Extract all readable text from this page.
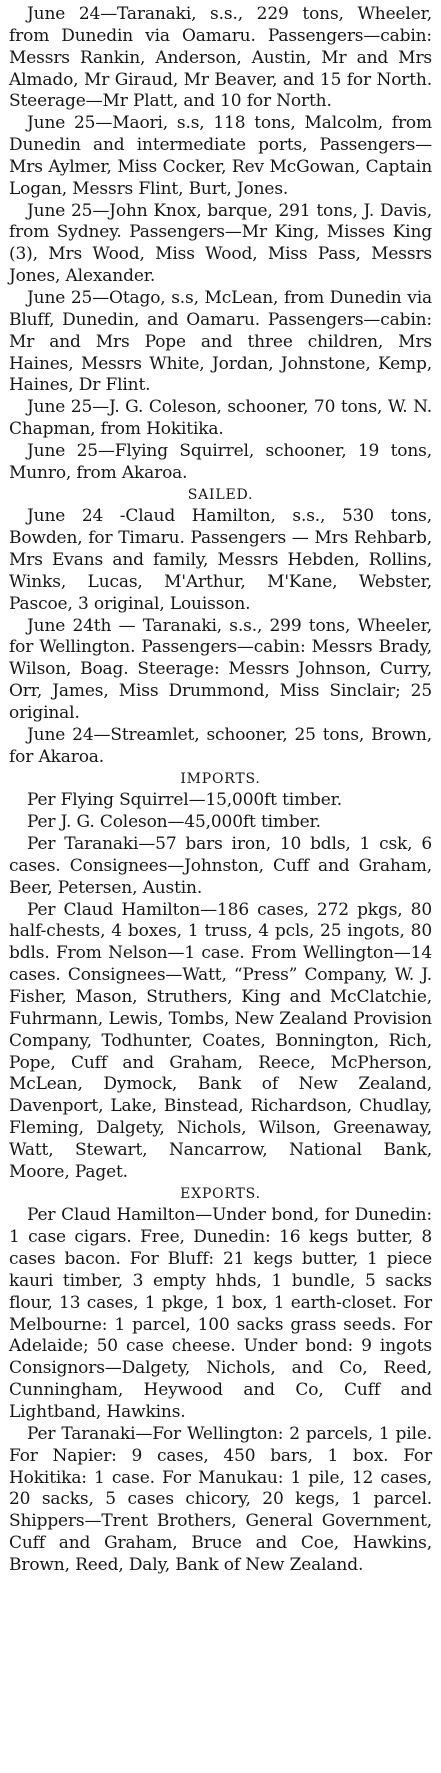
June 24—Taranaki, s.s., 229 tons, Wheeler, from Dunedin via Oamaru. Passengers—cabin: Messrs Rankin, Anderson, Austin, Mr and Mrs Almado, Mr Giraud, Mr Beaver, and 15 for North. Steerage—Mr Platt, and 10 for North.

June 25—Maori, s.s, 118 tons, Malcolm, from Dunedin and intermediate ports, Passengers—Mrs Aylmer, Miss Cocker, Rev McGowan, Captain Logan, Messrs Flint, Burt, Jones.

June 25—John Knox, barque, 291 tons, J. Davis, from Sydney. Passengers—Mr King, Misses King (3), Mrs Wood, Miss Wood, Miss Pass, Messrs Jones, Alexander.

June 25—Otago, s.s, McLean, from Dunedin via Bluff, Dunedin, and Oamaru. Passengers—cabin: Mr and Mrs Pope and three children, Mrs Haines, Messrs White, Jordan, Johnstone, Kemp, Haines, Dr Flint.

June 25—J. G. Coleson, schooner, 70 tons, W. N. Chapman, from Hokitika.

June 25—Flying Squirrel, schooner, 19 tons, Munro, from Akaroa.

SAILED.

June 24 -Claud Hamilton, s.s., 530 tons, Bowden, for Timaru. Passengers — Mrs Rehbarb, Mrs Evans and family, Messrs Hebden, Rollins, Winks, Lucas, M'Arthur, M'Kane, Webster, Pascoe, 3 original, Louisson.

June 24th — Taranaki, s.s., 299 tons, Wheeler, for Wellington. Passengers—cabin: Messrs Brady, Wilson, Boag. Steerage: Messrs Johnson, Curry, Orr, James, Miss Drummond, Miss Sinclair; 25 original.

June 24—Streamlet, schooner, 25 tons, Brown, for Akaroa.

IMPORTS.

Per Flying Squirrel—15,000ft timber.

Per J. G. Coleson—45,000ft timber.

Per Taranaki—57 bars iron, 10 bdls, 1 csk, 6 cases. Consignees—Johnston, Cuff and Graham, Beer, Petersen, Austin.

Per Claud Hamilton—186 cases, 272 pkgs, 80 half-chests, 4 boxes, 1 truss, 4 pcls, 25 ingots, 80 bdls. From Nelson—1 case. From Wellington—14 cases. Consignees—Watt, “Press” Company, W. J. Fisher, Mason, Struthers, King and McClatchie, Fuhrmann, Lewis, Tombs, New Zealand Provision Company, Todhunter, Coates, Bonnington, Rich, Pope, Cuff and Graham, Reece, McPherson, McLean, Dymock, Bank of New Zealand, Davenport, Lake, Binstead, Richardson, Chudlay, Fleming, Dalgety, Nichols, Wilson, Greenaway, Watt, Stewart, Nancarrow, National Bank, Moore, Paget.

EXPORTS.

Per Claud Hamilton—Under bond, for Dunedin: 1 case cigars. Free, Dunedin: 16 kegs butter, 8 cases bacon. For Bluff: 21 kegs butter, 1 piece kauri timber, 3 empty hhds, 1 bundle, 5 sacks flour, 13 cases, 1 pkge, 1 box, 1 earth-closet. For Melbourne: 1 parcel, 100 sacks grass seeds. For Adelaide; 50 case cheese. Under bond: 9 ingots Consignors—Dalgety, Nichols, and Co, Reed, Cunningham, Heywood and Co, Cuff and Lightband, Hawkins.

Per Taranaki—For Wellington: 2 parcels, 1 pile. For Napier: 9 cases, 450 bars, 1 box. For Hokitika: 1 case. For Manukau: 1 pile, 12 cases, 20 sacks, 5 cases chicory, 20 kegs, 1 parcel. Shippers—Trent Brothers, General Government, Cuff and Graham, Bruce and Coe, Hawkins, Brown, Reed, Daly, Bank of New Zealand.
